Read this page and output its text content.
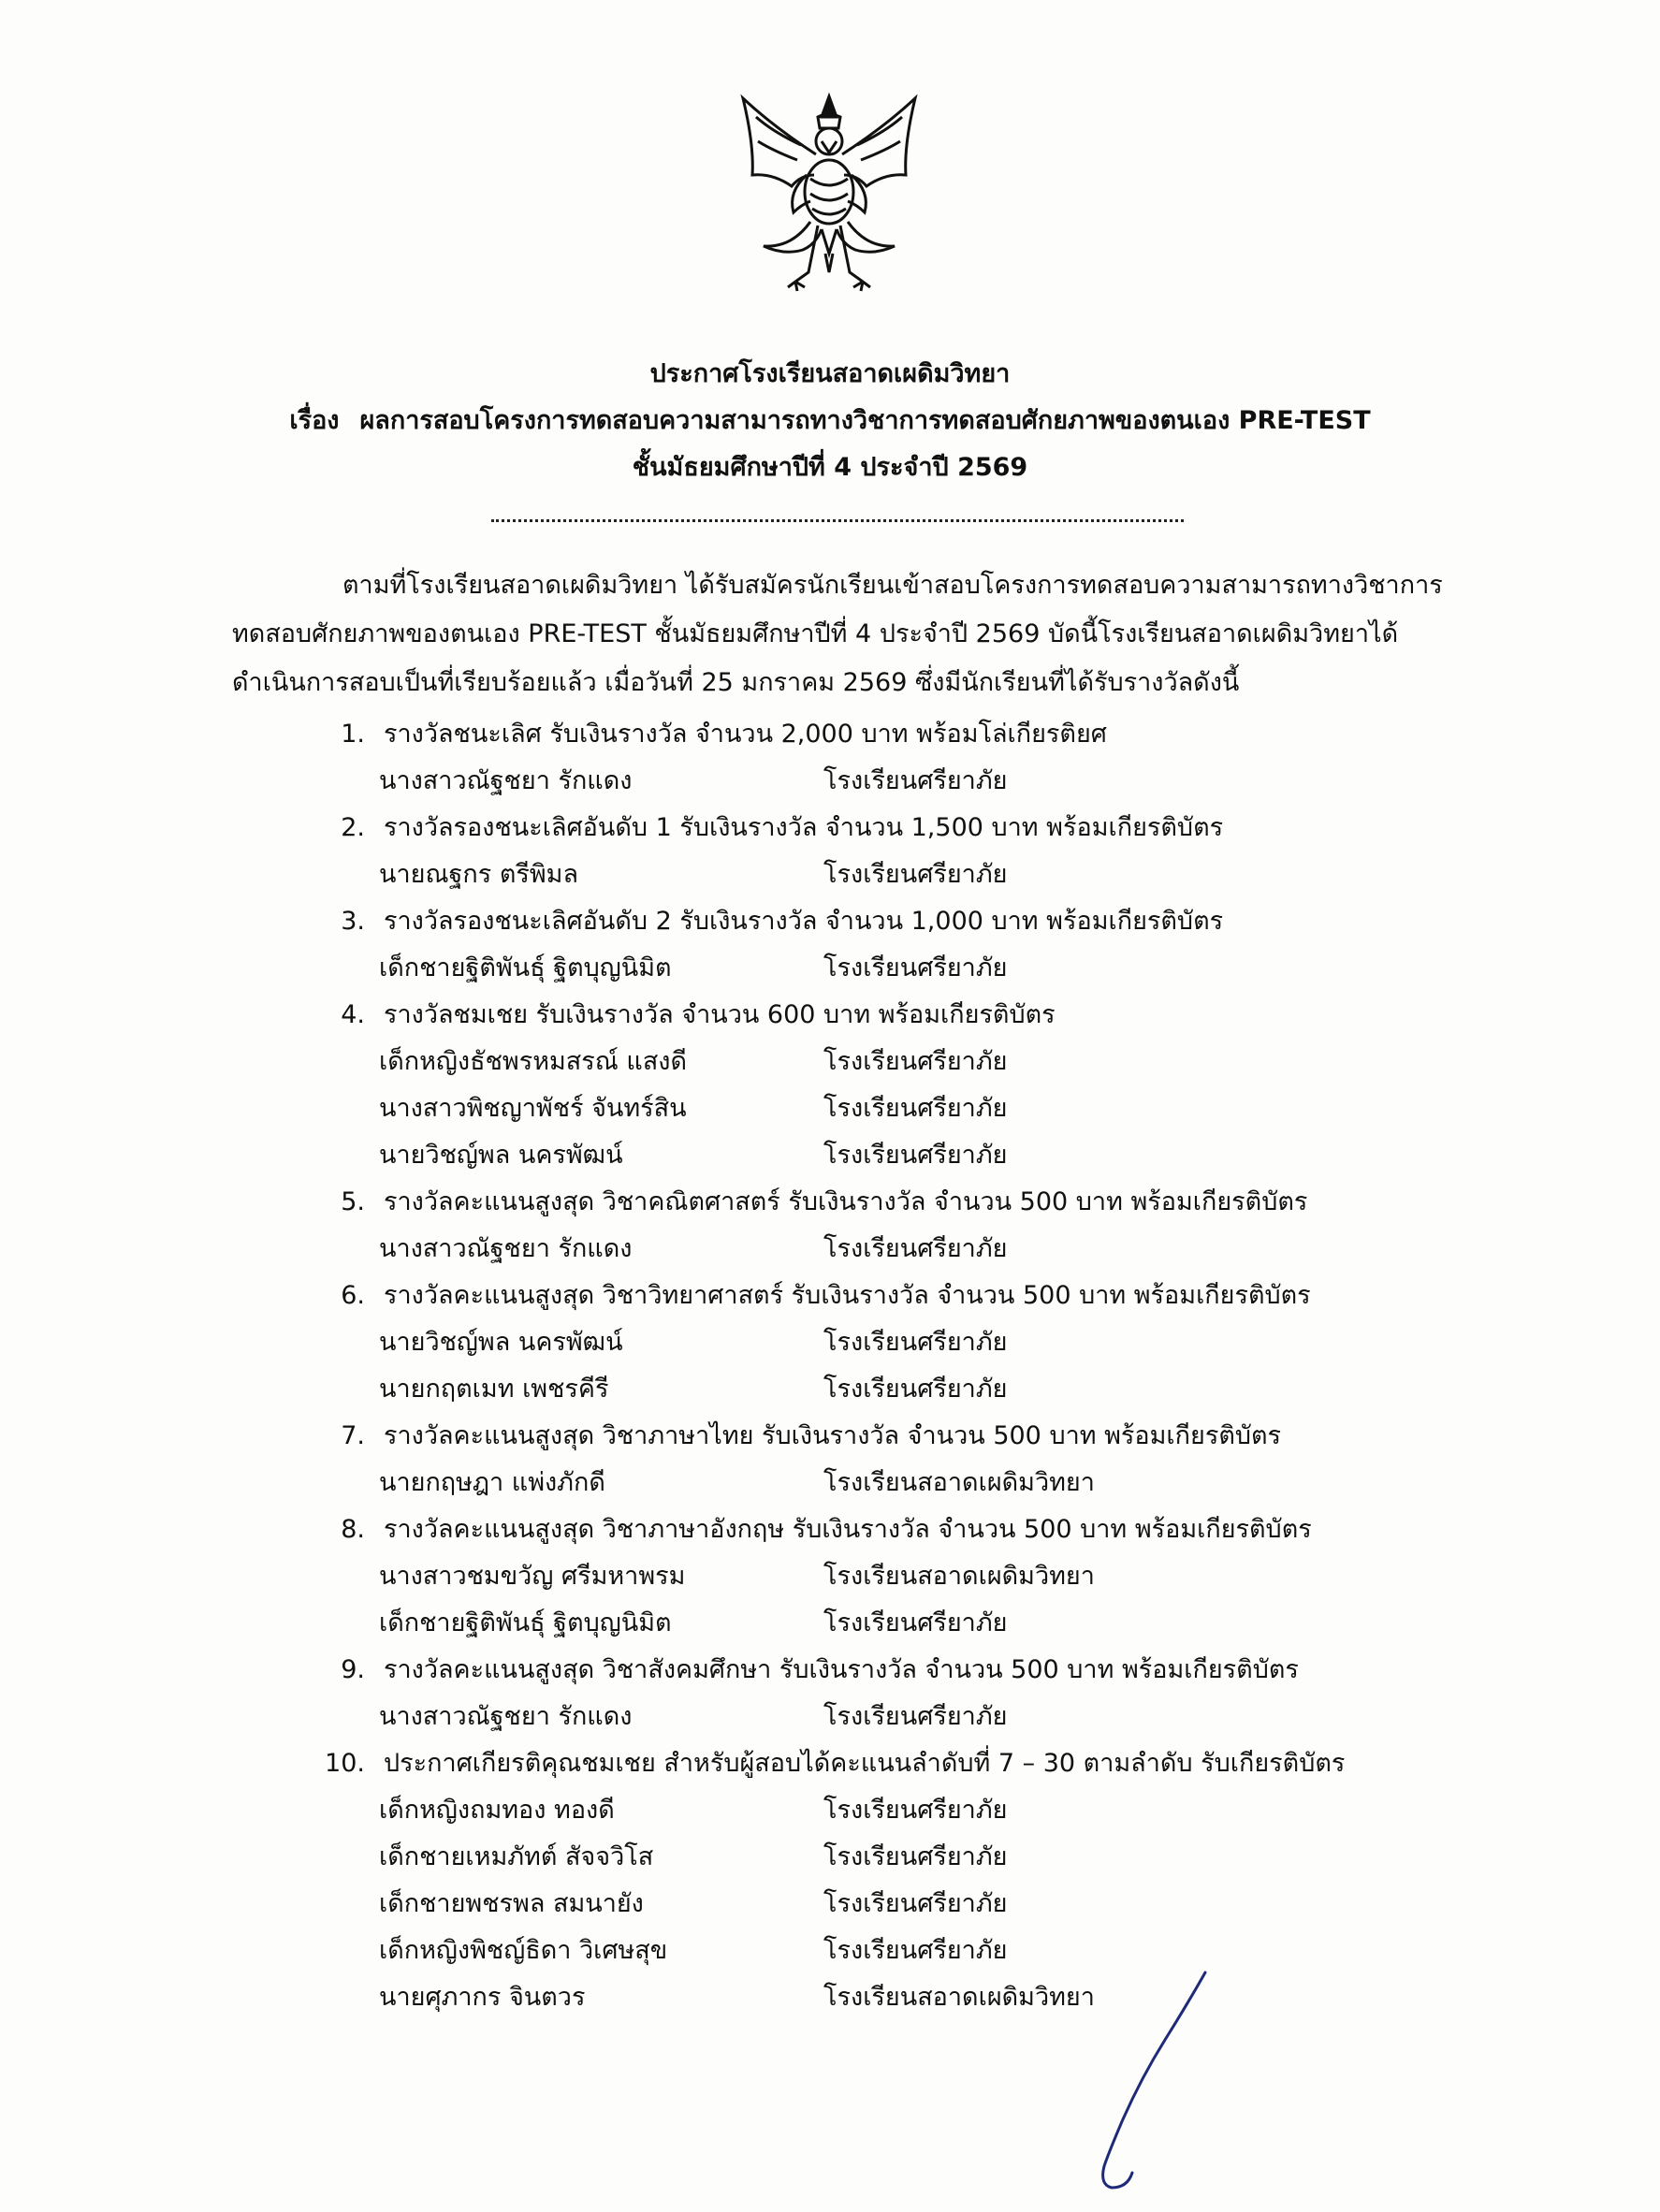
ประกาศโรงเรียนสอาดเผดิมวิทยา
เรื่อง ผลการสอบโครงการทดสอบความสามารถทางวิชาการทดสอบศักยภาพของตนเอง PRE-TEST
ชั้นมัธยมศึกษาปีที่ 4 ประจำปี 2569

ตามที่โรงเรียนสอาดเผดิมวิทยา ได้รับสมัครนักเรียนเข้าสอบโครงการทดสอบความสามารถทางวิชาการ

ทดสอบศักยภาพของตนเอง PRE-TEST ชั้นมัธยมศึกษาปีที่ 4 ประจำปี 2569 บัดนี้โรงเรียนสอาดเผดิมวิทยาได้

ดำเนินการสอบเป็นที่เรียบร้อยแล้ว เมื่อวันที่ 25 มกราคม 2569 ซึ่งมีนักเรียนที่ได้รับรางวัลดังนี้

1. รางวัลชนะเลิศ รับเงินรางวัล จำนวน 2,000 บาท พร้อมโล่เกียรติยศ
นางสาวณัฐชยา รักแดง	โรงเรียนศรียาภัย
2. รางวัลรองชนะเลิศอันดับ 1 รับเงินรางวัล จำนวน 1,500 บาท พร้อมเกียรติบัตร
นายณฐกร ตรีพิมล	โรงเรียนศรียาภัย
3. รางวัลรองชนะเลิศอันดับ 2 รับเงินรางวัล จำนวน 1,000 บาท พร้อมเกียรติบัตร
เด็กชายฐิติพันธุ์ ฐิตบุญนิมิต	โรงเรียนศรียาภัย
4. รางวัลชมเชย รับเงินรางวัล จำนวน 600 บาท พร้อมเกียรติบัตร
เด็กหญิงธัชพรหมสรณ์ แสงดี	โรงเรียนศรียาภัย
นางสาวพิชญาพัชร์ จันทร์สิน	โรงเรียนศรียาภัย
นายวิชญ์พล นครพัฒน์	โรงเรียนศรียาภัย
5. รางวัลคะแนนสูงสุด วิชาคณิตศาสตร์ รับเงินรางวัล จำนวน 500 บาท พร้อมเกียรติบัตร
นางสาวณัฐชยา รักแดง	โรงเรียนศรียาภัย
6. รางวัลคะแนนสูงสุด วิชาวิทยาศาสตร์ รับเงินรางวัล จำนวน 500 บาท พร้อมเกียรติบัตร
นายวิชญ์พล นครพัฒน์	โรงเรียนศรียาภัย
นายกฤตเมท เพชรคีรี	โรงเรียนศรียาภัย
7. รางวัลคะแนนสูงสุด วิชาภาษาไทย รับเงินรางวัล จำนวน 500 บาท พร้อมเกียรติบัตร
นายกฤษฎา แพ่งภักดี	โรงเรียนสอาดเผดิมวิทยา
8. รางวัลคะแนนสูงสุด วิชาภาษาอังกฤษ รับเงินรางวัล จำนวน 500 บาท พร้อมเกียรติบัตร
นางสาวชมขวัญ ศรีมหาพรม	โรงเรียนสอาดเผดิมวิทยา
เด็กชายฐิติพันธุ์ ฐิตบุญนิมิต	โรงเรียนศรียาภัย
9. รางวัลคะแนนสูงสุด วิชาสังคมศึกษา รับเงินรางวัล จำนวน 500 บาท พร้อมเกียรติบัตร
นางสาวณัฐชยา รักแดง	โรงเรียนศรียาภัย
10. ประกาศเกียรติคุณชมเชย สำหรับผู้สอบได้คะแนนลำดับที่ 7 – 30 ตามลำดับ รับเกียรติบัตร
เด็กหญิงถมทอง ทองดี	โรงเรียนศรียาภัย
เด็กชายเหมภัทต์ สัจจวิโส	โรงเรียนศรียาภัย
เด็กชายพชรพล สมนายัง	โรงเรียนศรียาภัย
เด็กหญิงพิชญ์ธิดา วิเศษสุข	โรงเรียนศรียาภัย
นายศุภากร จินตวร	โรงเรียนสอาดเผดิมวิทยา
